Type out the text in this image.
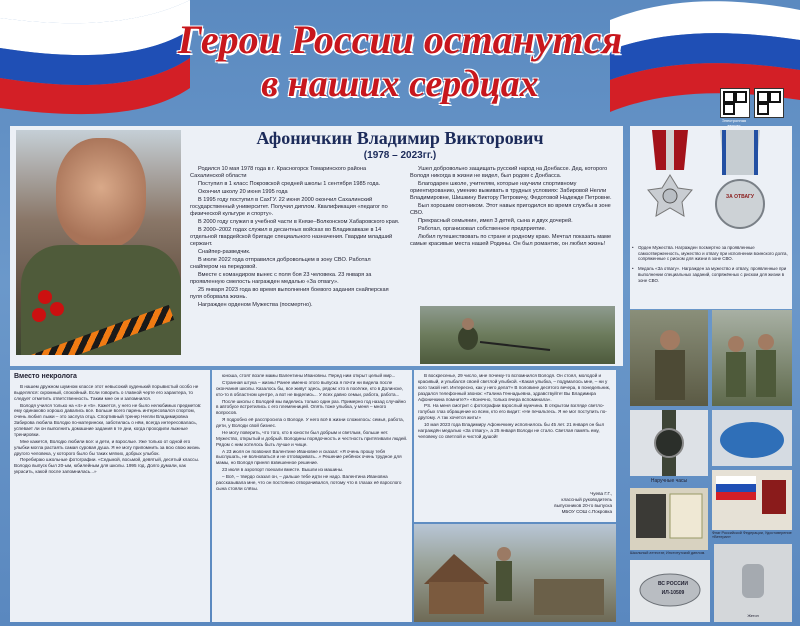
Герои России останутся
в наших сердцах
Электронная
Афоничкин Владимир Викторович
(1978 – 2023гг.)

Родился 10 мая 1978 года в г. Красногорск Томаринского района Сахалинской области

Поступил в 1 класс Покровской средней школы 1 сентября 1985 года.

Окончил школу 20 июня 1995 года

В 1995 году поступил в СахГУ. 22 июня 2000 окончил Сахалинский государственный университет. Получил диплом. Квалификация «педагог по физической культуре и спорту».

В 2000 году служил в учебной части в Князе–Волконском Хабаровского края.

В 2000–2002 годах служил в десантных войсках во Владикавказе в 14 отдельной гвардейской бригаде специального назначения. Гвардии младший сержант.

Снайпер-разведчик.

В июле 2022 года отправился добровольцем в зону СВО. Работал снайпером на передовой.

Вместе с командиром вынес с поля боя 23 человека. 23 января за проявленную смелость награжден медалью «За отвагу».

25 января 2023 года во время выполнения боевого задания снайперская пуля оборвала жизнь.

Награжден орденом Мужества (посмертно).

Ушел добровольно защищать русский народ на Донбассе. Дед, которого Володя никогда в жизни не видел, был родом с Донбасса.

Благодарен школе, учителям, которые научили спортивному ориентированию, умению выживать в трудных условиях: Забировой Нелли Владимировне, Шишкину Виктору Петровичу, Федотовой Надежде Петровне.

Был хорошим охотником. Этот навык пригодился во время службы в зоне СВО.

Прекрасный семьянин, имел 3 детей, сына и двух дочерей.

Работал, организовал собственное предприятие.

Любил путешествовать по стране и родному краю. Мечтал показать маме самые красивые места нашей Родины. Он был романтик, он любил жизнь!

ЗА ОТВАГУ

• Орден Мужества. Награжден посмертно за проявленные самоотверженность, мужество и отвагу при исполнении воинского долга, сопряженные с риском для жизни в зоне СВО.

• Медаль «За отвагу». Награжден за мужество и отвагу, проявленные при выполнении специальных заданий, сопряжённых с риском для жизни в зоне СВО.

Вместо некролога

В нашем дружном шумном классе этот невысокий худенький порывистый особо не выделялся: скромный, спокойный. Если говорить о главной черте его характера, то следует отметить ответственность. Таким мне он и запомнился.

Володя учился только на «4» и «5». Кажется, у него не было нелюбимых предметов: ему одинаково хорошо давались все. Больше всего парень интересовался спортом, очень любил лыжи – это заслуга отца. Спортивный тренер Нелли Владимировна Забирова любила Володю по-матерински, заботилась о нём, всегда интересовалась, успевает ли он выполнить домашние задания в те дни, когда проходили лыжные тренировки.

Мне кажется, Володю любили все: и дети, и взрослые. Уже только от одной его улыбки могла растаять самая суровая душа. Я не могу припомнить за всю свою жизнь другого человека, у которого было бы таких мягких, добрых улыбок.

Перебираю школьные фотографии. «Седьмой, восьмой, девятый, десятый классы. Володю выпуск был 20-ым, юбилейным для школы. 1995 год. Долго думали, как украсить, какой после запомнилась...»

юноша, стоят возле мамы Валентины Ивановны. Перед ним открыт целый мир...

Странная штука – жизнь! Ранее именно этого выпуска я почти ни видела после окончания школы. Казалось бы, все живут здесь, рядом: кто в посёлке, кто в Долинске, кто-то в областном центре, а вот не виделись... У всех давно семьи, работа, работа...

После школы с Володей мы виделись только один раз. Примерно год назад случайно в автобусе встретились с его племянницей. Опять тоже улыбка, у меня – много вопросов.

Я подробно её расспросила о Володе. У него всё в жизни сложилось: семья, работа, дети, у Володи свой бизнес.

Не могу поверить, что того, кто в юности был добрым и светлым, больше нет. Мужество, открытый и добрый. Володины порядочность и честность притягивали людей. Рядом с ним хотелось быть лучше и чище.

А 23 июля он позвонил Валентине Ивановне и сказал: «Я очень прошу тебя выслушать, не волноваться и не отговаривать...» Решение ребёнок очень трудное для мамы, но Володя принял взвешенное решение.

23 июля в аэропорт поехали вместе. Вышли из машины.

– Всё, – твердо сказал он, – дальше тебе идти не надо. Валентина Ивановна рассказывала мне, что он постоянно отворачивался, потому что в глазах её взрослого сына стояли слёзы.

В воскресенье, 29 число, мне почему-то вспомнился Володя. Он стоял, молодой и красивый, и улыбался своей светлой улыбкой. «Какая улыбка, – подумалось мне, – ни у кого такой нет. Интересно, как у него дела?» В половине десятого вечера, в понедельник, раздался телефонный звонок: «Галина Геннадьевна, здравствуйте! Вы Владимира Афоничкина помните?» «Конечно, только вчера вспоминала».

PS. На меня смотрит с фотографии взрослый мужчина. В открытом взгляде светло-голубых глаз обращение ко всем, кто его видит: «Не печальтесь. Я не мог поступить по-другому. А так хочется жить!»

10 мая 2023 года Владимиру Афоничкину исполнилось бы 45 лет. 21 января он был награждён медалью «За отвагу», а 25 января Володи не стало. Светлая память ему, человеку со светлой и чистой душой!

Чуева Г.Г.,
классный руководитель
выпускников 20-го выпуска
МБОУ СОШ с.Покровка
Наручные часы
Школьный аттестат, Институтский диплом.
Флаг Российской Федерации, Удостоверение «Ветеран»
ВС РОССИИ
ИЛ-10509
Жетон
